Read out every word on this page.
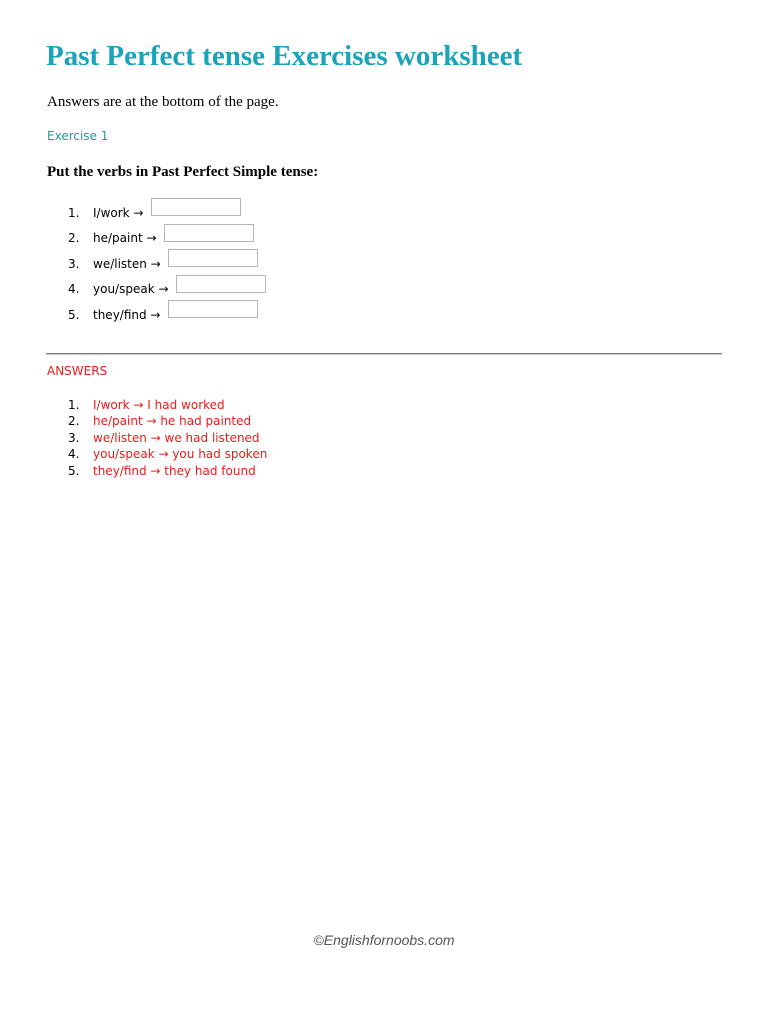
Past Perfect tense Exercises worksheet
Answers are at the bottom of the page.
Exercise 1
Put the verbs in Past Perfect Simple tense:
1. I/work →
2. he/paint →
3. we/listen →
4. you/speak →
5. they/find →
ANSWERS
1. I/work → I had worked
2. he/paint → he had painted
3. we/listen → we had listened
4. you/speak → you had spoken
5. they/find → they had found
©Englishfornoobs.com
